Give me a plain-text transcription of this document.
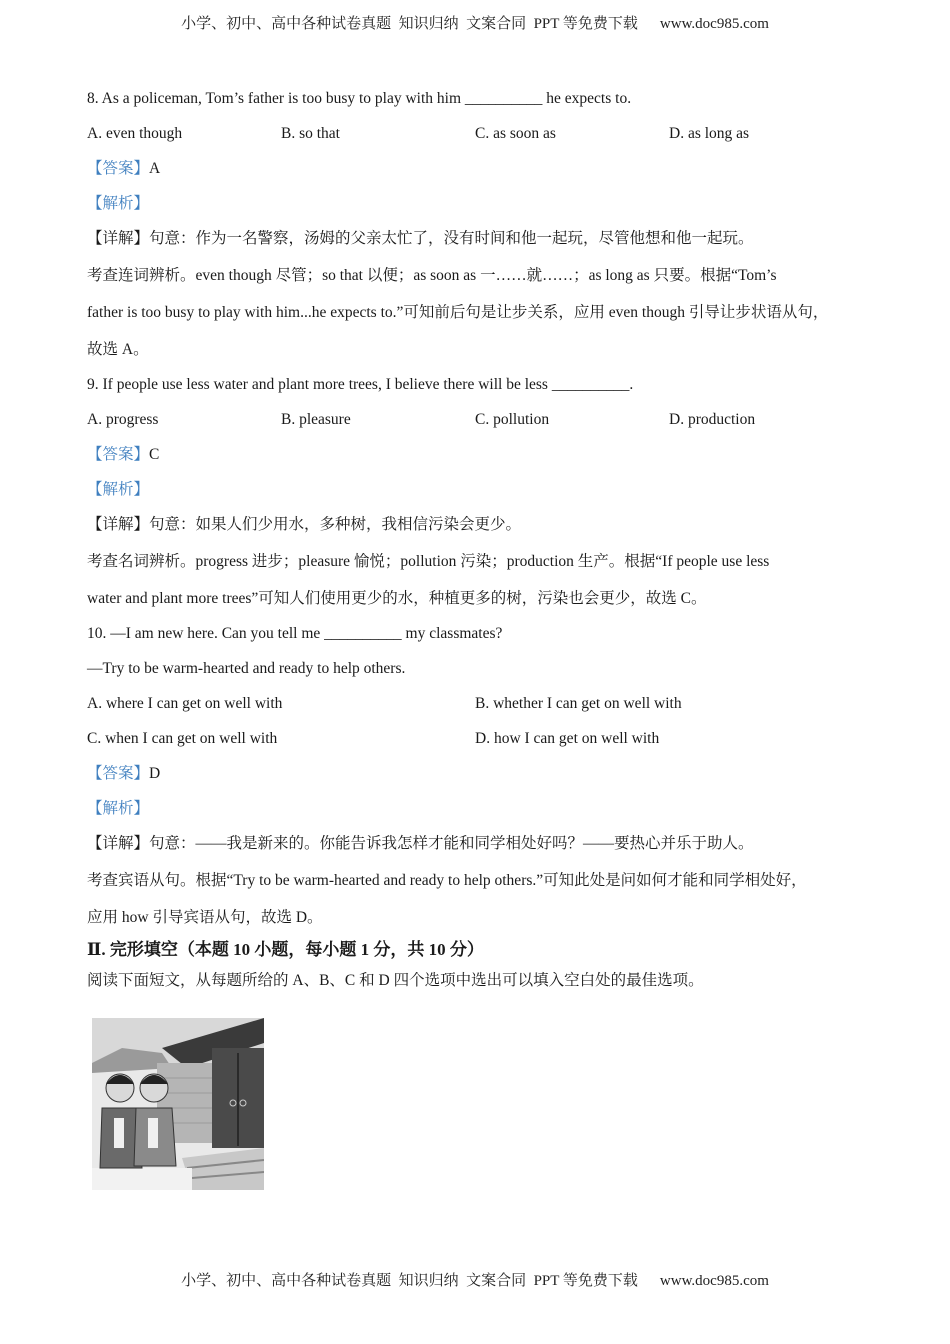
小学、初中、高中各种试卷真题  知识归纳  文案合同  PPT 等免费下载 www.doc985.com
8. As a policeman, Tom’s father is too busy to play with him __________ he expects to.
A. even though	B. so that	C. as soon as	D. as long as
【答案】A
【解析】
【详解】句意：作为一名警察，汤姆的父亲太忙了，没有时间和他一起玩，尽管他想和他一起玩。
考查连词辨析。even though 尽管；so that 以便；as soon as 一……就……；as long as 只要。根据“Tom’s
father is too busy to play with him...he expects to.”可知前后句是让步关系，应用 even though 引导让步状语从句，
故选 A。
9. If people use less water and plant more trees, I believe there will be less __________.
A. progress	B. pleasure	C. pollution	D. production
【答案】C
【解析】
【详解】句意：如果人们少用水，多种树，我相信污染会更少。
考查名词辨析。progress 进步；pleasure 愉悦；pollution 污染；production 生产。根据“If people use less
water and plant more trees”可知人们使用更少的水，种植更多的树，污染也会更少，故选 C。
10. —I am new here. Can you tell me __________ my classmates?
—Try to be warm-hearted and ready to help others.
A. where I can get on well with	B. whether I can get on well with
C. when I can get on well with	D. how I can get on well with
【答案】D
【解析】
【详解】句意：——我是新来的。你能告诉我怎样才能和同学相处好吗？——要热心并乐于助人。
考查宾语从句。根据“Try to be warm-hearted and ready to help others.”可知此处是问如何才能和同学相处好，
应用 how 引导宾语从句，故选 D。
Ⅱ. 完形填空（本题 10 小题，每小题 1 分，共 10 分）
阅读下面短文，从每题所给的 A、B、C 和 D 四个选项中选出可以填入空白处的最佳选项。
小学、初中、高中各种试卷真题  知识归纳  文案合同  PPT 等免费下载 www.doc985.com
